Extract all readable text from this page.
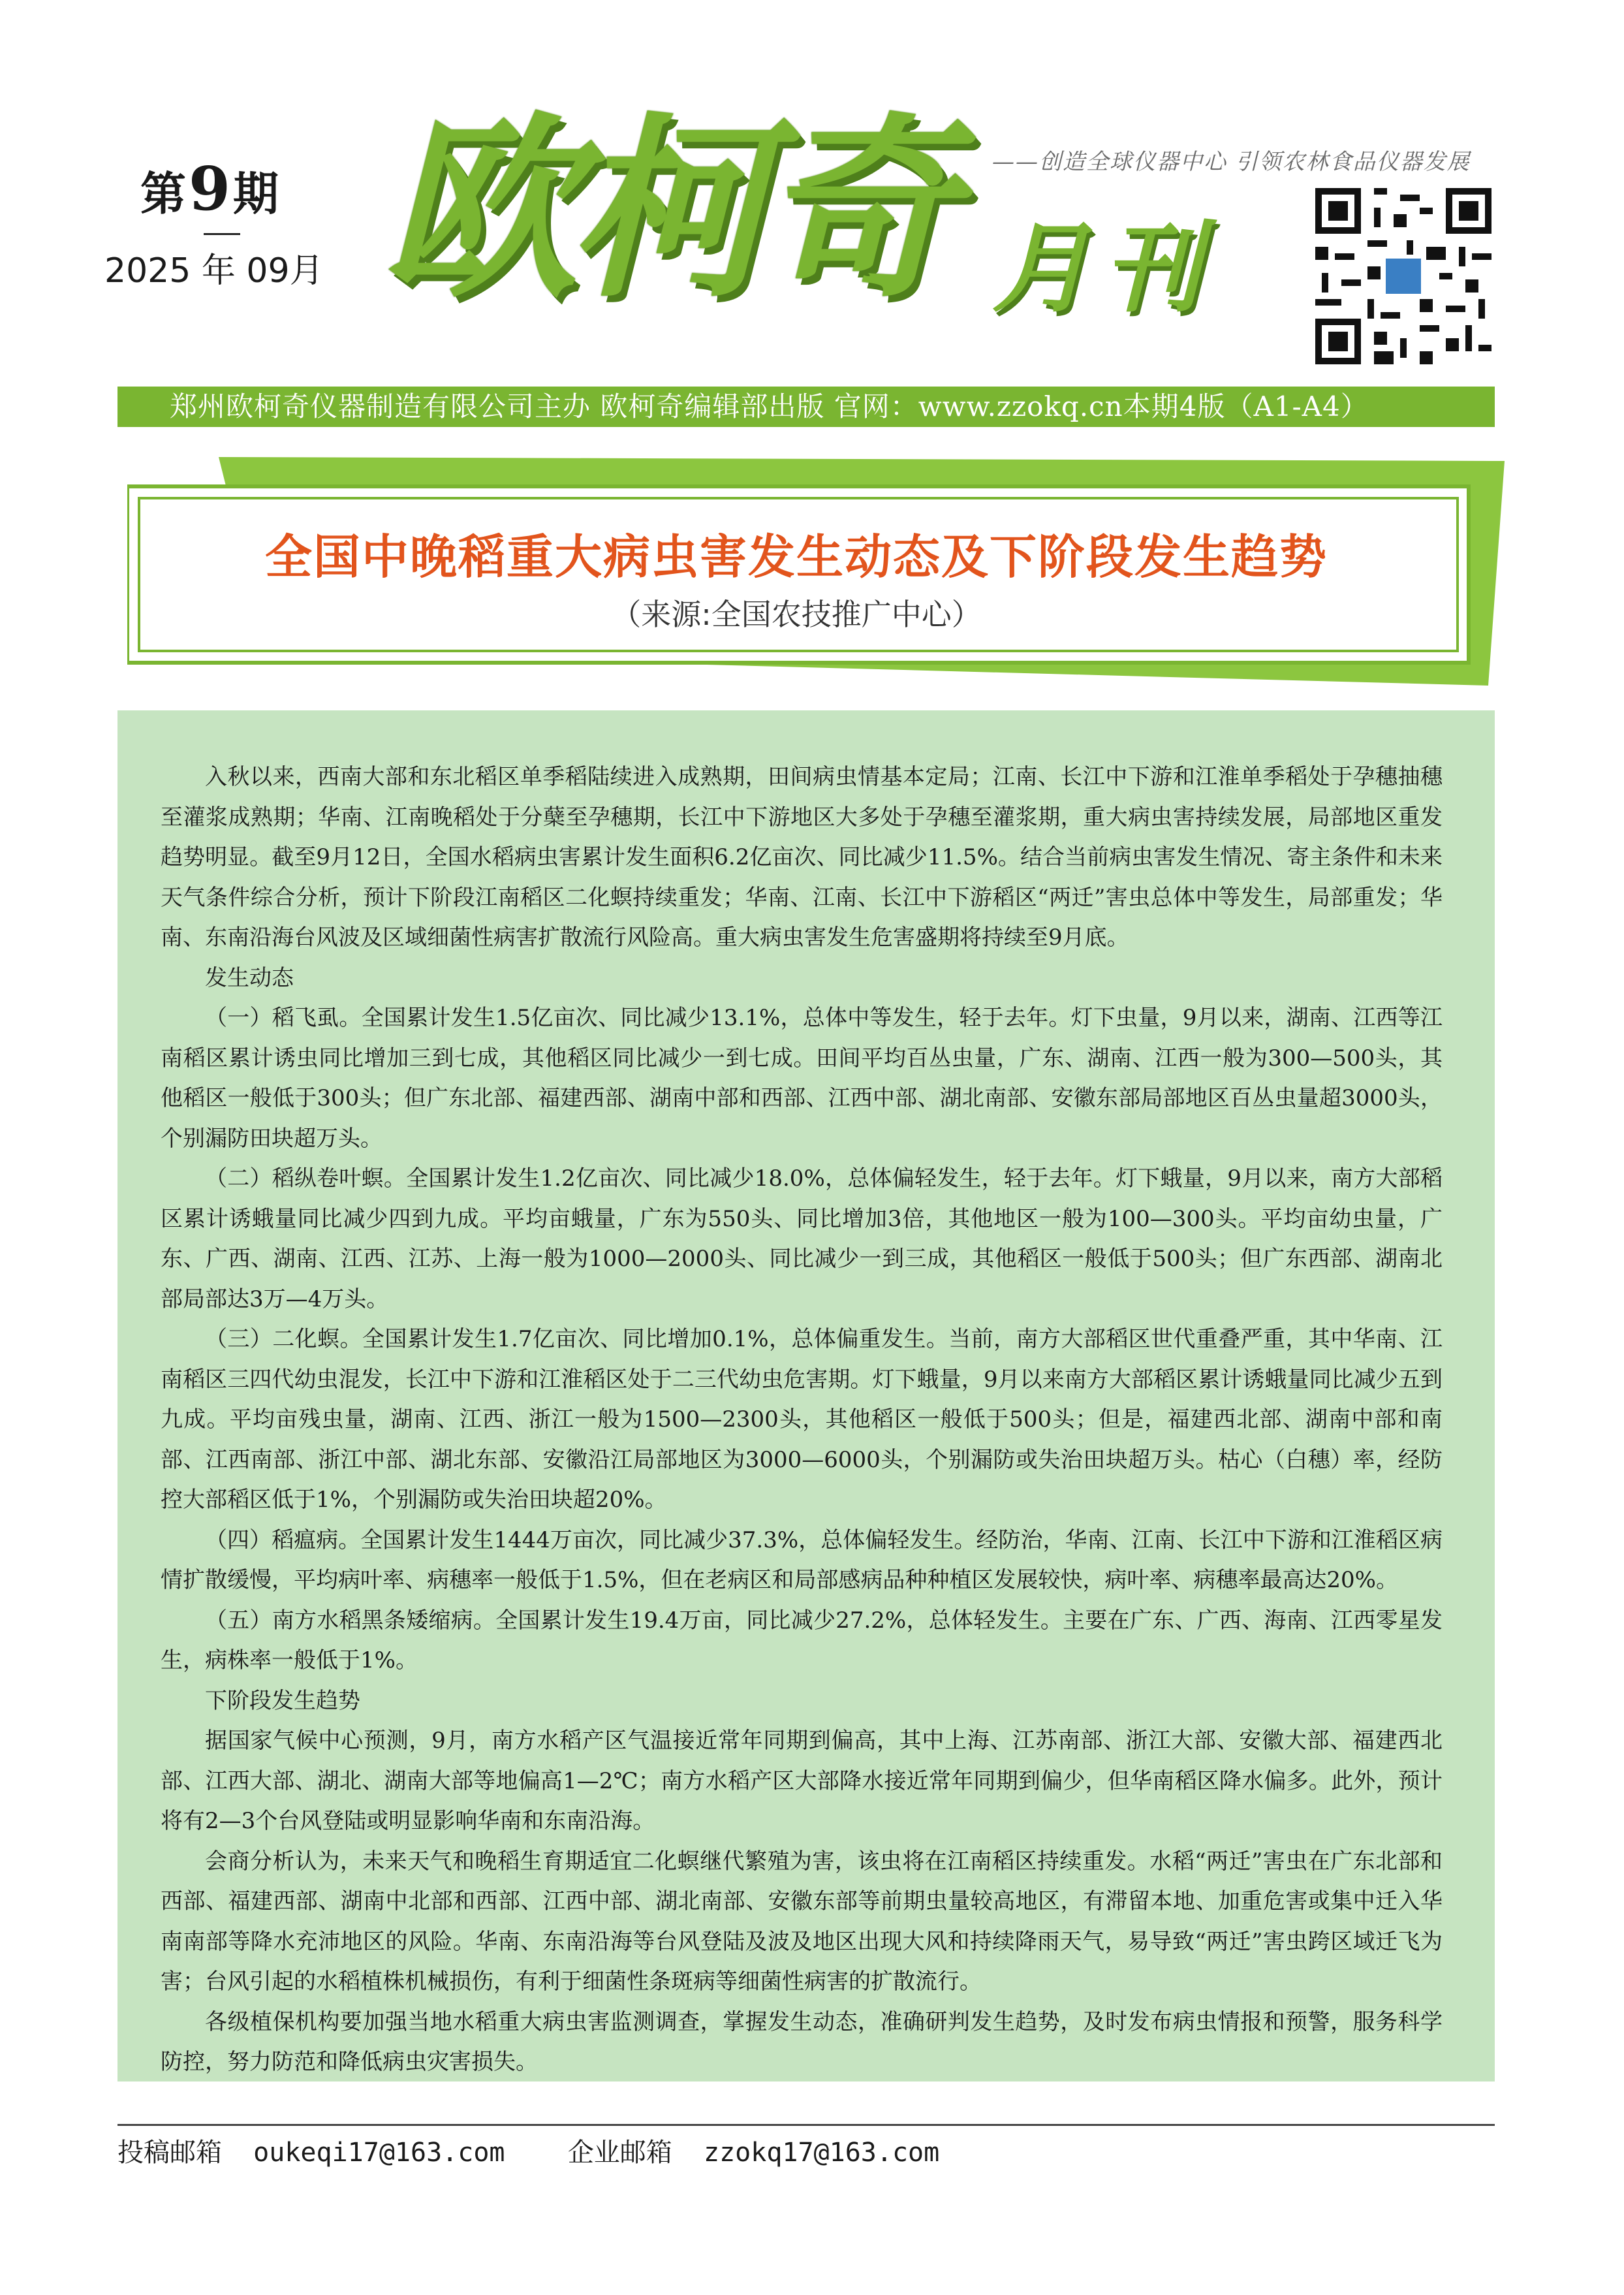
第9期
2025 年 09月 欧柯奇 月刊
——创造全球仪器中心 引领农林食品仪器发展
郑州欧柯奇仪器制造有限公司主办 欧柯奇编辑部出版 官网：www.zzokq.cn本期4版（A1-A4）
全国中晚稻重大病虫害发生动态及下阶段发生趋势
（来源:全国农技推广中心）

入秋以来，西南大部和东北稻区单季稻陆续进入成熟期，田间病虫情基本定局；江南、长江中下游和江淮单季稻处于孕穗抽穗至灌浆成熟期；华南、江南晚稻处于分蘖至孕穗期，长江中下游地区大多处于孕穗至灌浆期，重大病虫害持续发展，局部地区重发趋势明显。截至9月12日，全国水稻病虫害累计发生面积6.2亿亩次、同比减少11.5%。结合当前病虫害发生情况、寄主条件和未来天气条件综合分析，预计下阶段江南稻区二化螟持续重发；华南、江南、长江中下游稻区“两迁”害虫总体中等发生，局部重发；华南、东南沿海台风波及区域细菌性病害扩散流行风险高。重大病虫害发生危害盛期将持续至9月底。

发生动态

（一）稻飞虱。全国累计发生1.5亿亩次、同比减少13.1%，总体中等发生，轻于去年。灯下虫量，9月以来，湖南、江西等江南稻区累计诱虫同比增加三到七成，其他稻区同比减少一到七成。田间平均百丛虫量，广东、湖南、江西一般为300—500头，其他稻区一般低于300头；但广东北部、福建西部、湖南中部和西部、江西中部、湖北南部、安徽东部局部地区百丛虫量超3000头，个别漏防田块超万头。

（二）稻纵卷叶螟。全国累计发生1.2亿亩次、同比减少18.0%，总体偏轻发生，轻于去年。灯下蛾量，9月以来，南方大部稻区累计诱蛾量同比减少四到九成。平均亩蛾量，广东为550头、同比增加3倍，其他地区一般为100—300头。平均亩幼虫量，广东、广西、湖南、江西、江苏、上海一般为1000—2000头、同比减少一到三成，其他稻区一般低于500头；但广东西部、湖南北部局部达3万—4万头。

（三）二化螟。全国累计发生1.7亿亩次、同比增加0.1%，总体偏重发生。当前，南方大部稻区世代重叠严重，其中华南、江南稻区三四代幼虫混发，长江中下游和江淮稻区处于二三代幼虫危害期。灯下蛾量，9月以来南方大部稻区累计诱蛾量同比减少五到九成。平均亩残虫量，湖南、江西、浙江一般为1500—2300头，其他稻区一般低于500头；但是，福建西北部、湖南中部和南部、江西南部、浙江中部、湖北东部、安徽沿江局部地区为3000—6000头，个别漏防或失治田块超万头。枯心（白穗）率，经防控大部稻区低于1%，个别漏防或失治田块超20%。

（四）稻瘟病。全国累计发生1444万亩次，同比减少37.3%，总体偏轻发生。经防治，华南、江南、长江中下游和江淮稻区病情扩散缓慢，平均病叶率、病穗率一般低于1.5%，但在老病区和局部感病品种种植区发展较快，病叶率、病穗率最高达20%。

（五）南方水稻黑条矮缩病。全国累计发生19.4万亩，同比减少27.2%，总体轻发生。主要在广东、广西、海南、江西零星发生，病株率一般低于1%。

下阶段发生趋势

据国家气候中心预测，9月，南方水稻产区气温接近常年同期到偏高，其中上海、江苏南部、浙江大部、安徽大部、福建西北部、江西大部、湖北、湖南大部等地偏高1—2℃；南方水稻产区大部降水接近常年同期到偏少，但华南稻区降水偏多。此外，预计将有2—3个台风登陆或明显影响华南和东南沿海。

会商分析认为，未来天气和晚稻生育期适宜二化螟继代繁殖为害，该虫将在江南稻区持续重发。水稻“两迁”害虫在广东北部和西部、福建西部、湖南中北部和西部、江西中部、湖北南部、安徽东部等前期虫量较高地区，有滞留本地、加重危害或集中迁入华南南部等降水充沛地区的风险。华南、东南沿海等台风登陆及波及地区出现大风和持续降雨天气，易导致“两迁”害虫跨区域迁飞为害；台风引起的水稻植株机械损伤，有利于细菌性条斑病等细菌性病害的扩散流行。

各级植保机构要加强当地水稻重大病虫害监测调查，掌握发生动态，准确研判发生趋势，及时发布病虫情报和预警，服务科学防控，努力防范和降低病虫灾害损失。

投稿邮箱 oukeqi17@163.com 企业邮箱 zzokq17@163.com
